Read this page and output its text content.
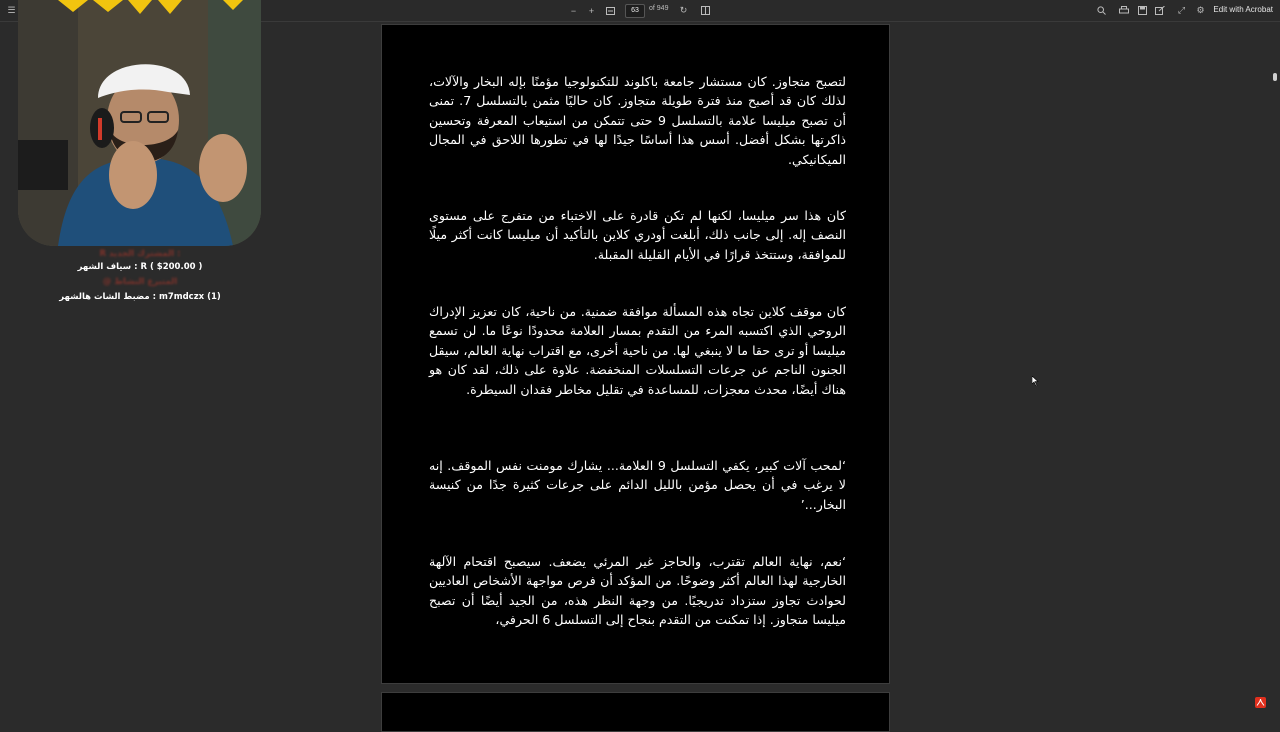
☰	−	+	63	of 949	↻	⤢	⚙	Edit with Acrobat
لتصبح متجاوز. كان مستشار جامعة باكلوند للتكنولوجيا مؤمنًا بإله البخار والآلات، لذلك كان قد أصبح منذ فترة طويلة متجاوز. كان حاليًا مثمن بالتسلسل 7. تمنى أن تصبح ميليسا علامة بالتسلسل 9 حتى تتمكن من استيعاب المعرفة وتحسين ذاكرتها بشكل أفضل. أسس هذا أساسًا جيدًا لها في تطورها اللاحق في المجال الميكانيكي.
كان هذا سر ميليسا، لكنها لم تكن قادرة على الاختباء من متفرج على مستوى النصف إله. إلى جانب ذلك، أبلغت أودري كلاين بالتأكيد أن ميليسا كانت أكثر ميلًا للموافقة، وستتخذ قرارًا في الأيام القليلة المقبلة.
كان موقف كلاين تجاه هذه المسألة موافقة ضمنية. من ناحية، كان تعزيز الإدراك الروحي الذي اكتسبه المرء من التقدم بمسار العلامة محدودًا نوعًا ما. لن تسمع ميليسا أو ترى حقا ما لا ينبغي لها. من ناحية أخرى، مع اقتراب نهاية العالم، سيقل الجنون الناجم عن جرعات التسلسلات المنخفضة. علاوة على ذلك، لقد كان هو هناك أيضًا، محدث معجزات، للمساعدة في تقليل مخاطر فقدان السيطرة.
‘لمحب آلات كبير، يكفي التسلسل 9 العلامة... يشارك مومنت نفس الموقف. إنه لا يرغب في أن يحصل مؤمن بالليل الدائم على جرعات كثيرة جدًا من كنيسة البخار...’
‘نعم، نهاية العالم تقترب، والحاجز غير المرئي يضعف. سيصبح اقتحام الآلهة الخارجية لهذا العالم أكثر وضوحًا. من المؤكد أن فرص مواجهة الأشخاص العاديين لحوادث تجاوز ستزداد تدريجيًا. من وجهة النظر هذه، من الجيد أيضًا أن تصبح ميليسا متجاوز. إذا تمكنت من التقدم بنجاح إلى التسلسل 6 الحرفي،
R المشترك الجديد :
R ( $200.00 ) : سياف الشهر
@ المتبرع النشاط
m7mdczx (1) : مضبط الشات هالشهر
